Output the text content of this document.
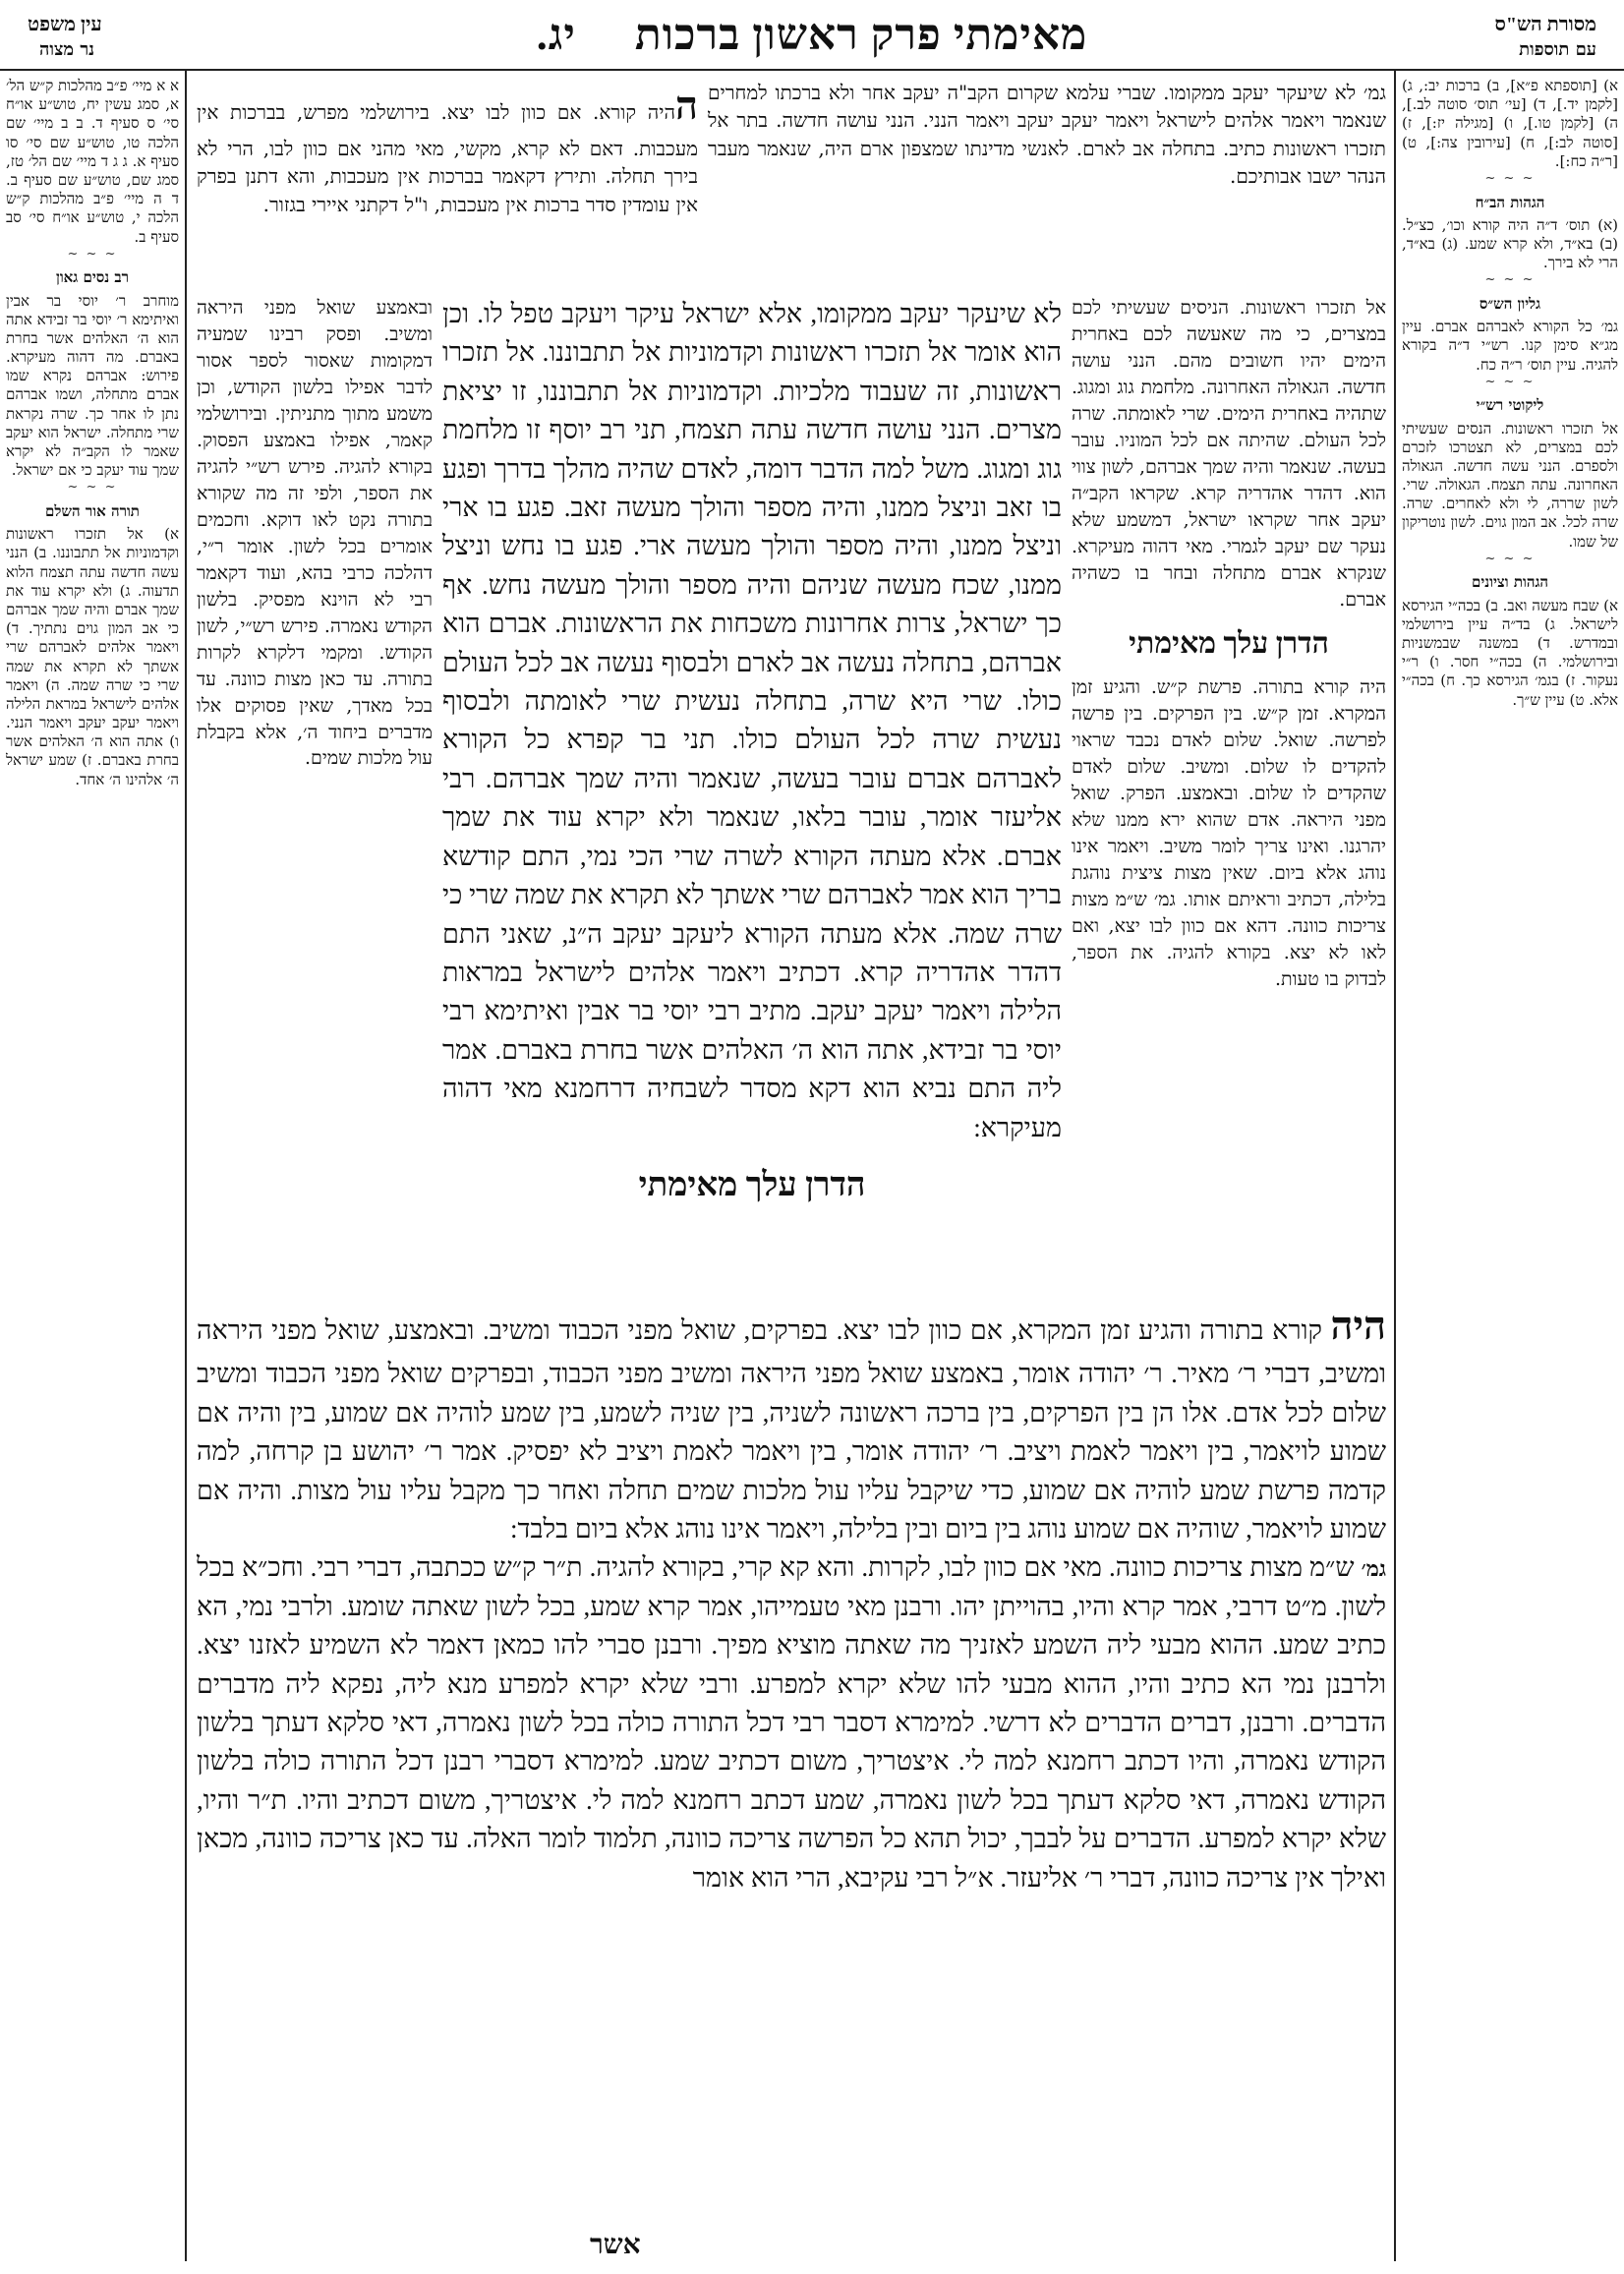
מסורת הש"ס
עם תוספות
עין משפט
נר מצוה	מאימתי פרק ראשון ברכות     יג.

ההיה קורא. אם כוון לבו יצא. בירושלמי מפרש, בברכות אין מעכבות. דאם לא קרא, מקשי, מאי מהני אם כוון לבו, הרי לא בירך תחלה. ותירץ דקאמר בברכות אין מעכבות, והא דתנן בפרק אין עומדין סדר ברכות אין מעכבות, ו"ל דקתני איירי בגזור.

גמ׳ לא שיעקר יעקב ממקומו. שברי עלמא שקרום הקב"ה יעקב אחר ולא ברכתו למחרים שנאמר ויאמר אלהים לישראל ויאמר יעקב יעקב ויאמר הנני. הנני עושה חדשה. בתר אל תזכרו ראשונות כתיב. בתחלה אב לארם. לאנשי מדינתו שמצפון ארם היה, שנאמר מעבר הנהר ישבו אבותיכם.

ובאמצע שואל מפני היראה ומשיב. ופסק רבינו שמעיה דמקומות שאסור לספר אסור לדבר אפילו בלשון הקודש, וכן משמע מתוך מתניתין. ובירושלמי קאמר, אפילו באמצע הפסוק. בקורא להגיה. פירש רש״י להגיה את הספר, ולפי זה מה שקורא בתורה נקט לאו דוקא. וחכמים אומרים בכל לשון. אומר ר״י, דהלכה כרבי בהא, ועוד דקאמר רבי לא הוינא מפסיק. בלשון הקודש נאמרה. פירש רש״י, לשון הקודש. ומקמי דלקרא לקרות בתורה. עד כאן מצות כוונה. עד בכל מאדך, שאין פסוקים אלו מדברים ביחוד ה׳, אלא בקבלת עול מלכות שמים.

אל תזכרו ראשונות. הניסים שעשיתי לכם במצרים, כי מה שאעשה לכם באחרית הימים יהיו חשובים מהם. הנני עושה חדשה. הגאולה האחרונה. מלחמת גוג ומגוג. שתהיה באחרית הימים. שרי לאומתה. שרה לכל העולם. שהיתה אם לכל המוניו. עובר בעשה. שנאמר והיה שמך אברהם, לשון צווי הוא. דהדר אהדריה קרא. שקראו הקב״ה יעקב אחר שקראו ישראל, דמשמע שלא נעקר שם יעקב לגמרי. מאי דהוה מעיקרא. שנקרא אברם מתחלה ובחר בו כשהיה אברם.

הדרן עלך מאימתי

היה קורא בתורה. פרשת ק״ש. והגיע זמן המקרא. זמן ק״ש. בין הפרקים. בין פרשה לפרשה. שואל. שלום לאדם נכבד שראוי להקדים לו שלום. ומשיב. שלום לאדם שהקדים לו שלום. ובאמצע. הפרק. שואל מפני היראה. אדם שהוא ירא ממנו שלא יהרגנו. ואינו צריך לומר משיב. ויאמר אינו נוהג אלא ביום. שאין מצות ציצית נוהגת בלילה, דכתיב וראיתם אותו. גמ׳ ש״מ מצות צריכות כוונה. דהא אם כוון לבו יצא, ואם לאו לא יצא. בקורא להגיה. את הספר, לבדוק בו טעות.

לא שיעקר יעקב ממקומו, אלא ישראל עיקר ויעקב טפל לו. וכן הוא אומר אל תזכרו ראשונות וקדמוניות אל תתבוננו. אל תזכרו ראשונות, זה שעבוד מלכיות. וקדמוניות אל תתבוננו, זו יציאת מצרים. הנני עושה חדשה עתה תצמח, תני רב יוסף זו מלחמת גוג ומגוג. משל למה הדבר דומה, לאדם שהיה מהלך בדרך ופגע בו זאב וניצל ממנו, והיה מספר והולך מעשה זאב. פגע בו ארי וניצל ממנו, והיה מספר והולך מעשה ארי. פגע בו נחש וניצל ממנו, שכח מעשה שניהם והיה מספר והולך מעשה נחש. אף כך ישראל, צרות אחרונות משכחות את הראשונות. אברם הוא אברהם, בתחלה נעשה אב לארם ולבסוף נעשה אב לכל העולם כולו. שרי היא שרה, בתחלה נעשית שרי לאומתה ולבסוף נעשית שרה לכל העולם כולו. תני בר קפרא כל הקורא לאברהם אברם עובר בעשה, שנאמר והיה שמך אברהם. רבי אליעזר אומר, עובר בלאו, שנאמר ולא יקרא עוד את שמך אברם. אלא מעתה הקורא לשרה שרי הכי נמי, התם קודשא בריך הוא אמר לאברהם שרי אשתך לא תקרא את שמה שרי כי שרה שמה. אלא מעתה הקורא ליעקב יעקב ה״נ, שאני התם דהדר אהדריה קרא. דכתיב ויאמר אלהים לישראל במראות הלילה ויאמר יעקב יעקב. מתיב רבי יוסי בר אבין ואיתימא רבי יוסי בר זבידא, אתה הוא ה׳ האלהים אשר בחרת באברם. אמר ליה התם נביא הוא דקא מסדר לשבחיה דרחמנא מאי דהוה מעיקרא:

הדרן עלך מאימתי

היה קורא בתורה והגיע זמן המקרא, אם כוון לבו יצא. בפרקים, שואל מפני הכבוד ומשיב. ובאמצע, שואל מפני היראה ומשיב, דברי ר׳ מאיר. ר׳ יהודה אומר, באמצע שואל מפני היראה ומשיב מפני הכבוד, ובפרקים שואל מפני הכבוד ומשיב שלום לכל אדם. אלו הן בין הפרקים, בין ברכה ראשונה לשניה, בין שניה לשמע, בין שמע לוהיה אם שמוע, בין והיה אם שמוע לויאמר, בין ויאמר לאמת ויציב. ר׳ יהודה אומר, בין ויאמר לאמת ויציב לא יפסיק. אמר ר׳ יהושע בן קרחה, למה קדמה פרשת שמע לוהיה אם שמוע, כדי שיקבל עליו עול מלכות שמים תחלה ואחר כך מקבל עליו עול מצות. והיה אם שמוע לויאמר, שוהיה אם שמוע נוהג בין ביום ובין בלילה, ויאמר אינו נוהג אלא ביום בלבד:

גמ׳ ש״מ מצות צריכות כוונה. מאי אם כוון לבו, לקרות. והא קא קרי, בקורא להגיה. ת״ר ק״ש ככתבה, דברי רבי. וחכ״א בכל לשון. מ״ט דרבי, אמר קרא והיו, בהוייתן יהו. ורבנן מאי טעמייהו, אמר קרא שמע, בכל לשון שאתה שומע. ולרבי נמי, הא כתיב שמע. ההוא מבעי ליה השמע לאזניך מה שאתה מוציא מפיך. ורבנן סברי להו כמאן דאמר לא השמיע לאזנו יצא. ולרבנן נמי הא כתיב והיו, ההוא מבעי להו שלא יקרא למפרע. ורבי שלא יקרא למפרע מנא ליה, נפקא ליה מדברים הדברים. ורבנן, דברים הדברים לא דרשי. למימרא דסבר רבי דכל התורה כולה בכל לשון נאמרה, דאי סלקא דעתך בלשון הקודש נאמרה, והיו דכתב רחמנא למה לי. איצטריך, משום דכתיב שמע. למימרא דסברי רבנן דכל התורה כולה בלשון הקודש נאמרה, דאי סלקא דעתך בכל לשון נאמרה, שמע דכתב רחמנא למה לי. איצטריך, משום דכתיב והיו. ת״ר והיו, שלא יקרא למפרע. הדברים על לבבך, יכול תהא כל הפרשה צריכה כוונה, תלמוד לומר האלה. עד כאן צריכה כוונה, מכאן ואילך אין צריכה כוונה, דברי ר׳ אליעזר. א״ל רבי עקיבא, הרי הוא אומר

אשר

א א מיי׳ פ״ב מהלכות ק״ש הל׳ א, סמג עשין יח, טוש״ע או״ח סי׳ ס סעיף ד. ב ב מיי׳ שם הלכה טו, טוש״ע שם סי׳ סו סעיף א. ג ג ד מיי׳ שם הל׳ טז, סמג שם, טוש״ע שם סעיף ב. ד ה מיי׳ פ״ב מהלכות ק״ש הלכה י, טוש״ע או״ח סי׳ סב סעיף ב.

~ ~ ~
רב נסים גאון

מוחרב ר׳ יוסי בר אבין ואיתימא ר׳ יוסי בר זבידא אתה הוא ה׳ האלהים אשר בחרת באברם. מה דהוה מעיקרא. פירוש: אברהם נקרא שמו אברם מתחלה, ושמו אברהם נתן לו אחר כך. שרה נקראת שרי מתחלה. ישראל הוא יעקב שאמר לו הקב״ה לא יקרא שמך עוד יעקב כי אם ישראל.

~ ~ ~
תורה אור השלם

א) אל תזכרו ראשונות וקדמוניות אל תתבוננו. ב) הנני עשה חדשה עתה תצמח הלוא תדעוה. ג) ולא יקרא עוד את שמך אברם והיה שמך אברהם כי אב המון גוים נתתיך. ד) ויאמר אלהים לאברהם שרי אשתך לא תקרא את שמה שרי כי שרה שמה. ה) ויאמר אלהים לישראל במראת הלילה ויאמר יעקב יעקב ויאמר הנני. ו) אתה הוא ה׳ האלהים אשר בחרת באברם. ז) שמע ישראל ה׳ אלהינו ה׳ אחד.

א) [תוספתא פ״א], ב) ברכות יב:, ג) [לקמן יד.], ד) [עי׳ תוס׳ סוטה לב.], ה) [לקמן טו.], ו) [מגילה יז:], ז) [סוטה לב:], ח) [עירובין צה:], ט) [ר״ה כח:].

~ ~ ~
הגהות הב״ח

(א) תוס׳ ד״ה היה קורא וכו׳, כצ״ל. (ב) בא״ד, ולא קרא שמע. (ג) בא״ד, הרי לא בירך.

~ ~ ~
גליון הש״ס

גמ׳ כל הקורא לאברהם אברם. עיין מג״א סימן קנו. רש״י ד״ה בקורא להגיה. עיין תוס׳ ר״ה כח.

~ ~ ~
ליקוטי רש״י

אל תזכרו ראשונות. הנסים שעשיתי לכם במצרים, לא תצטרכו לזכרם ולספרם. הנני עשה חדשה. הגאולה האחרונה. עתה תצמח. הגאולה. שרי. לשון שררה, לי ולא לאחרים. שרה. שרה לכל. אב המון גוים. לשון נוטריקון של שמו.

~ ~ ~
הגהות וציונים

א) שבח מעשה ואב. ב) בכה״י הגירסא לישראל. ג) בד״ה עיין בירושלמי ובמדרש. ד) במשנה שבמשניות ובירושלמי. ה) בכה״י חסר. ו) ר״י נעקור. ז) בגמ׳ הגירסא כך. ח) בכה״י אלא. ט) עיין ש״ך.
